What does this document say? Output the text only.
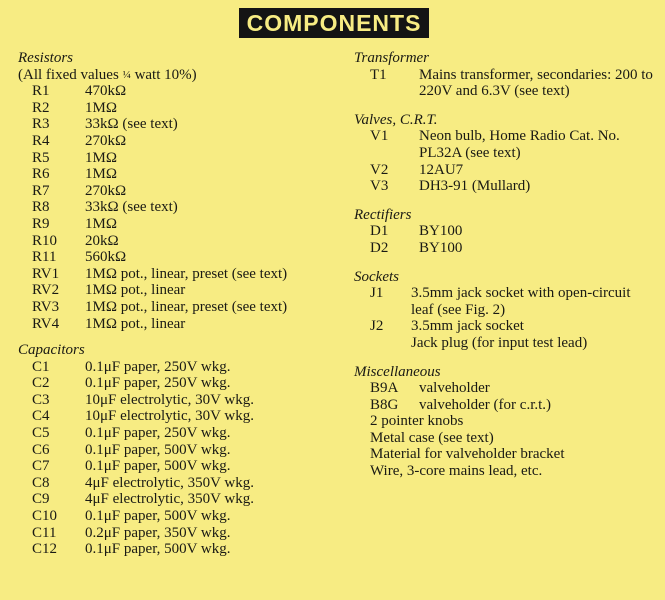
COMPONENTS

Resistors

(All fixed values ¼ watt 10%)

R1	470kΩ
R2	1MΩ
R3	33kΩ (see text)
R4	270kΩ
R5	1MΩ
R6	1MΩ
R7	270kΩ
R8	33kΩ (see text)
R9	1MΩ
R10	20kΩ
R11	560kΩ
RV1	1MΩ pot., linear, preset (see text)
RV2	1MΩ pot., linear
RV3	1MΩ pot., linear, preset (see text)
RV4	1MΩ pot., linear

Capacitors

C1	0.1μF paper, 250V wkg.
C2	0.1μF paper, 250V wkg.
C3	10μF electrolytic, 30V wkg.
C4	10μF electrolytic, 30V wkg.
C5	0.1μF paper, 250V wkg.
C6	0.1μF paper, 500V wkg.
C7	0.1μF paper, 500V wkg.
C8	4μF electrolytic, 350V wkg.
C9	4μF electrolytic, 350V wkg.
C10	0.1μF paper, 500V wkg.
C11	0.2μF paper, 350V wkg.
C12	0.1μF paper, 500V wkg.

Transformer

T1	Mains transformer, secondaries: 200 to 220V and 6.3V (see text)

Valves, C.R.T.

V1	Neon bulb, Home Radio Cat. No. PL32A (see text)
V2	12AU7
V3	DH3-91 (Mullard)

Rectifiers

D1	BY100
D2	BY100

Sockets

J1	3.5mm jack socket with open-circuit leaf (see Fig. 2)
J2	3.5mm jack socket
Jack plug (for input test lead)

Miscellaneous

B9A	valveholder
B8G	valveholder (for c.r.t.)
2 pointer knobs
Metal case (see text)
Material for valveholder bracket
Wire, 3-core mains lead, etc.
